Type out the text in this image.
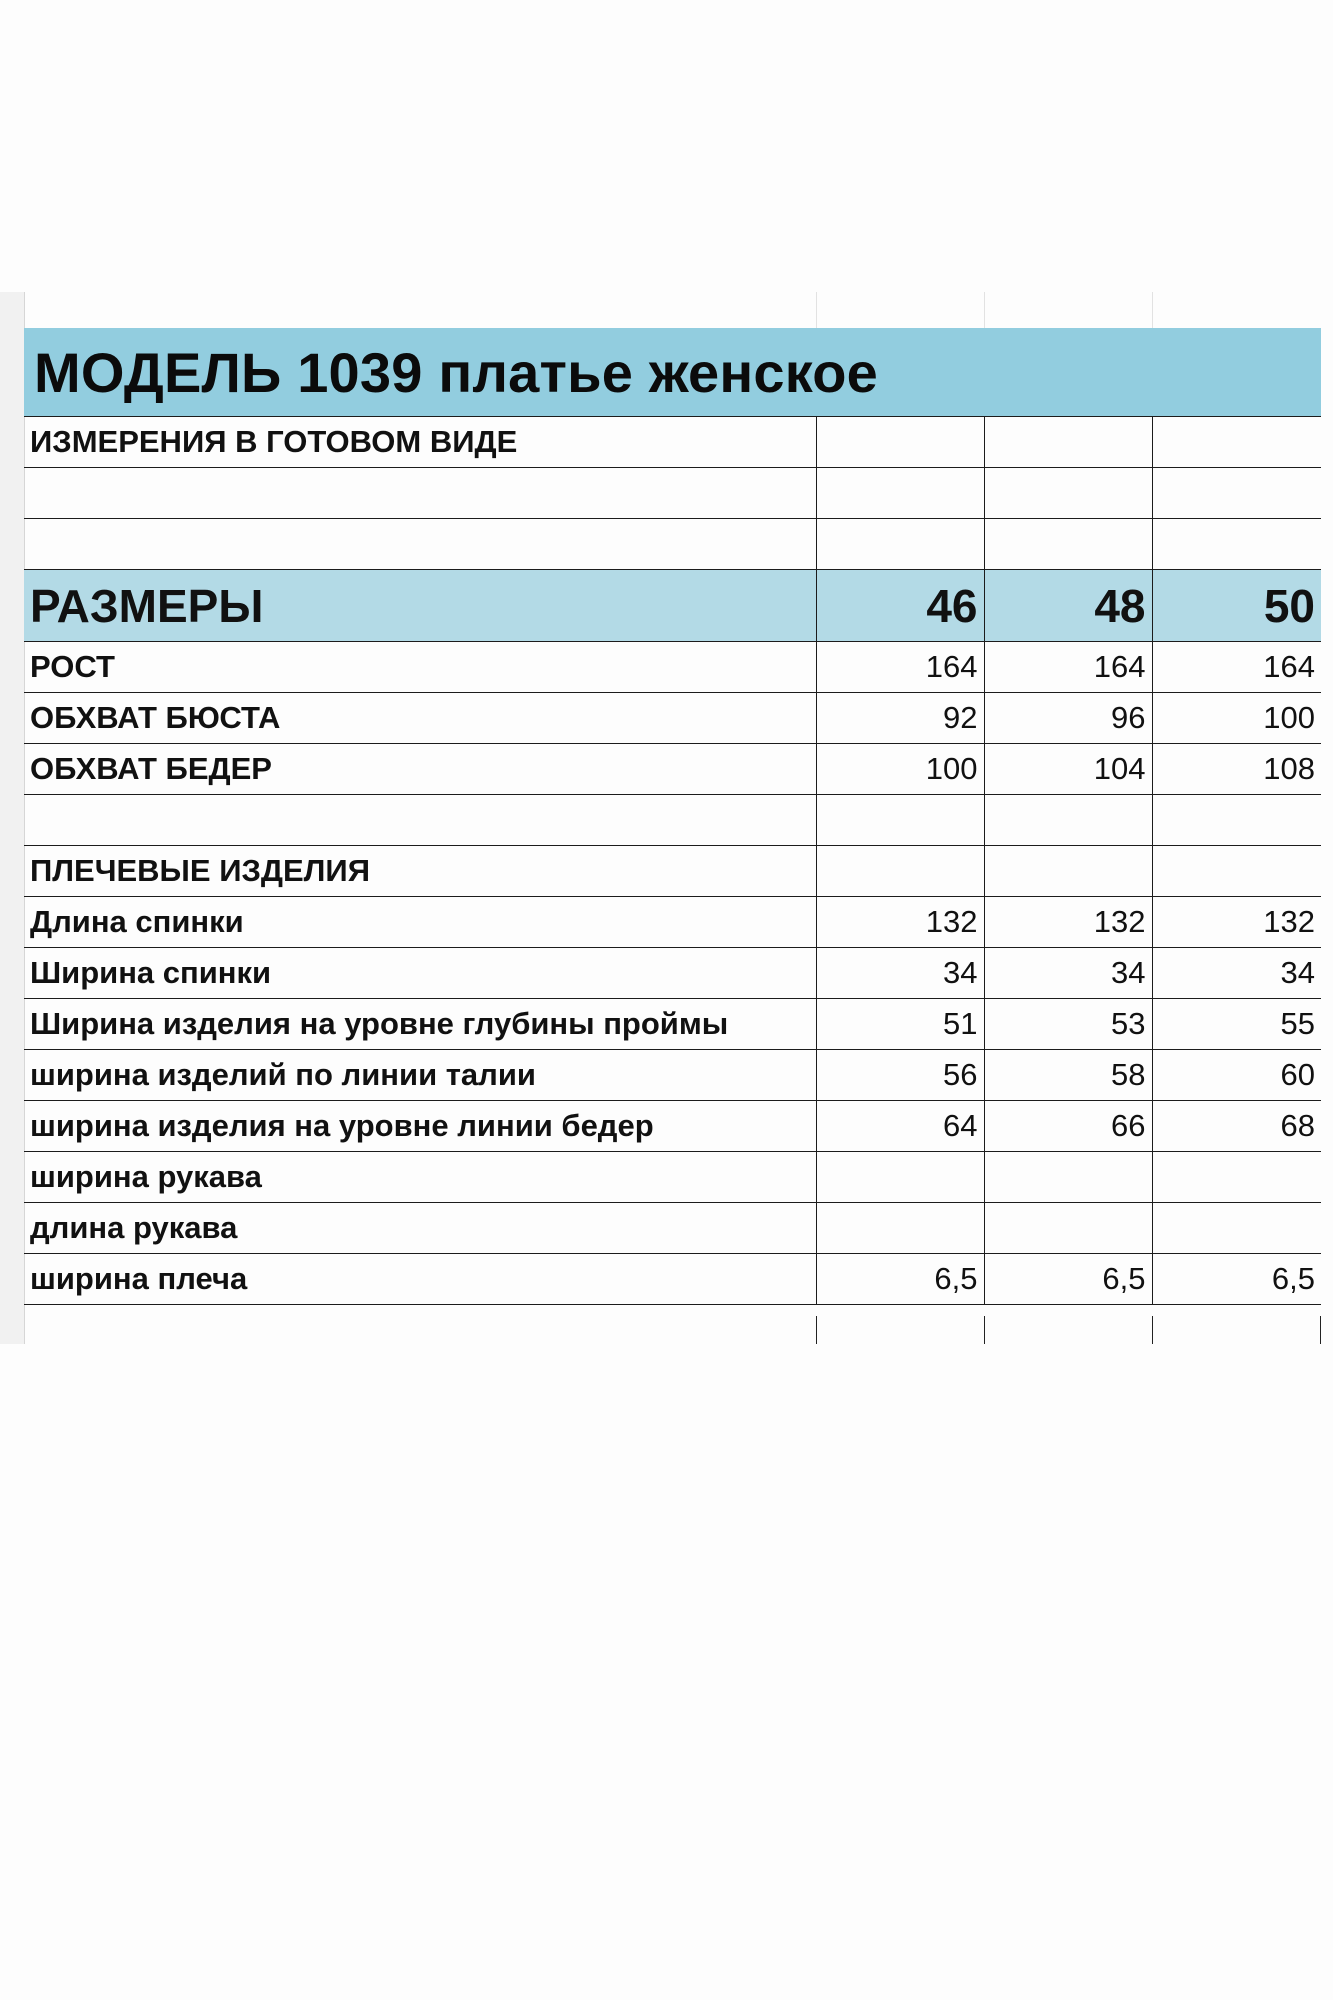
МОДЕЛЬ 1039 платье женское
ИЗМЕРЕНИЯ В ГОТОВОМ ВИДЕ			

РАЗМЕРЫ	46	48	50
РОСТ	164	164	164
ОБХВАТ БЮСТА	92	96	100
ОБХВАТ БЕДЕР	100	104	108

ПЛЕЧЕВЫЕ ИЗДЕЛИЯ			
Длина спинки	132	132	132
Ширина спинки	34	34	34
Ширина изделия на уровне глубины проймы	51	53	55
ширина изделий по линии талии	56	58	60
ширина изделия на уровне линии бедер	64	66	68
ширина рукава			
длина рукава			
ширина плеча	6,5	6,5	6,5
